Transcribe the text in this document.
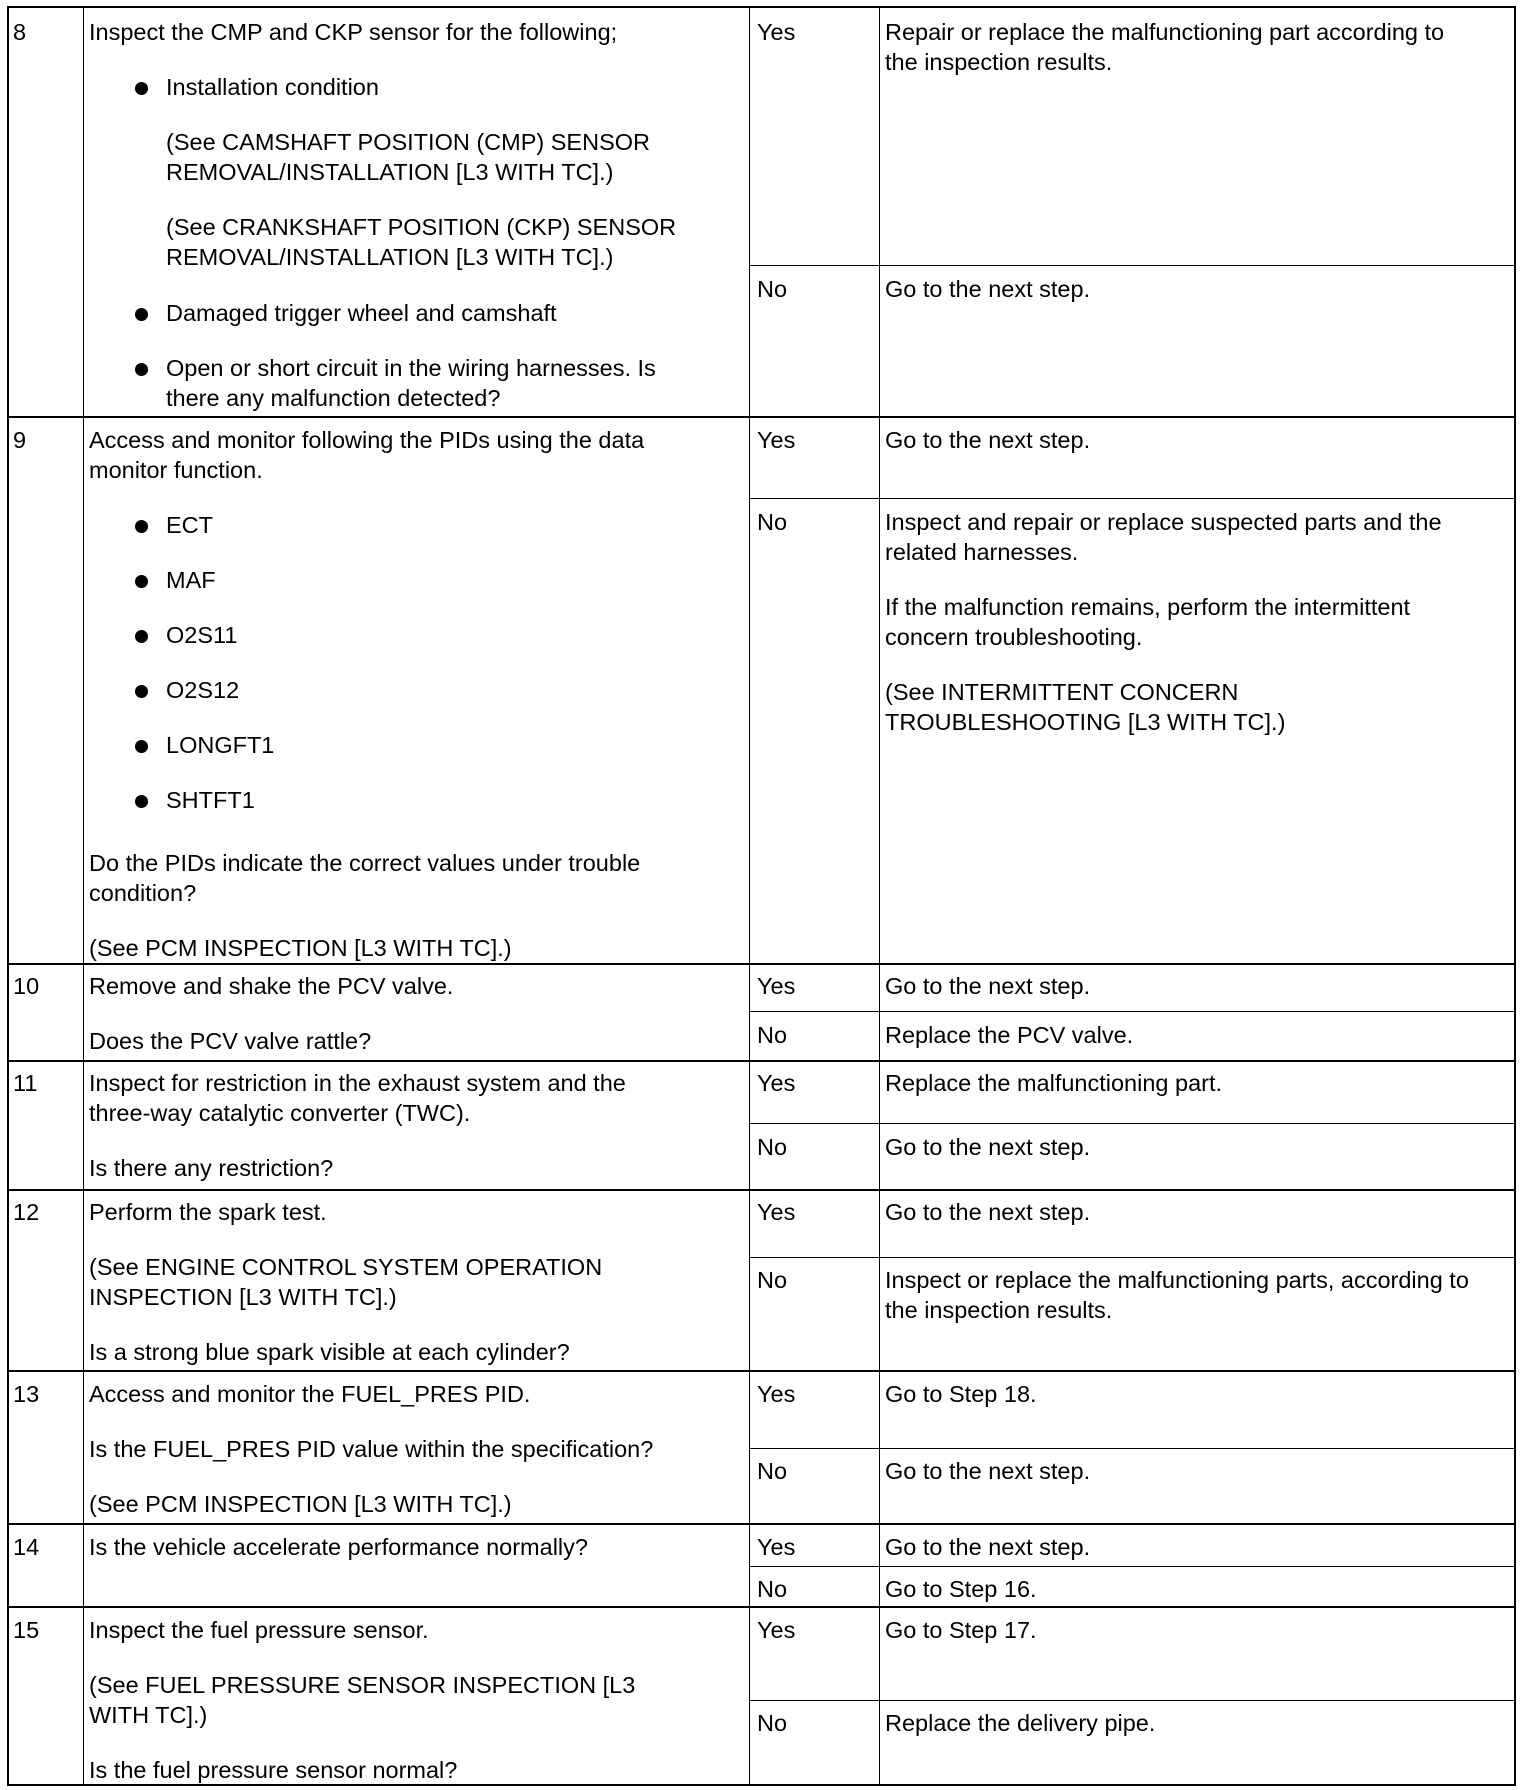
8	Inspect the CMP and CKP sensor for the following;
Installation condition
(See CAMSHAFT POSITION (CMP) SENSOR
REMOVAL/INSTALLATION [L3 WITH TC].)
(See CRANKSHAFT POSITION (CKP) SENSOR
REMOVAL/INSTALLATION [L3 WITH TC].)
Damaged trigger wheel and camshaft
Open or short circuit in the wiring harnesses. Is
there any malfunction detected?
Yes	Repair or replace the malfunctioning part according to
the inspection results.
No	Go to the next step.
9	Access and monitor following the PIDs using the data
monitor function.
ECT
MAF
O2S11
O2S12
LONGFT1
SHTFT1
Do the PIDs indicate the correct values under trouble
condition?
(See PCM INSPECTION [L3 WITH TC].)
Yes	Go to the next step.
No	Inspect and repair or replace suspected parts and the
related harnesses.
If the malfunction remains, perform the intermittent
concern troubleshooting.
(See INTERMITTENT CONCERN
TROUBLESHOOTING [L3 WITH TC].)
10 Remove and shake the PCV valve.
Does the PCV valve rattle?
Yes	Go to the next step.
No	Replace the PCV valve.
11 Inspect for restriction in the exhaust system and the
three-way catalytic converter (TWC).
Is there any restriction?
Yes	Replace the malfunctioning part.
No	Go to the next step.
12 Perform the spark test.
(See ENGINE CONTROL SYSTEM OPERATION
INSPECTION [L3 WITH TC].)
Is a strong blue spark visible at each cylinder?
Yes	Go to the next step.
No	Inspect or replace the malfunctioning parts, according to
the inspection results.
13 Access and monitor the FUEL_PRES PID.
Is the FUEL_PRES PID value within the specification?
(See PCM INSPECTION [L3 WITH TC].)
Yes	Go to Step 18.
No	Go to the next step.
14 Is the vehicle accelerate performance normally?	Yes	Go to the next step.
No	Go to Step 16.
15 Inspect the fuel pressure sensor.
(See FUEL PRESSURE SENSOR INSPECTION [L3
WITH TC].)
Is the fuel pressure sensor normal?
Yes	Go to Step 17.
No	Replace the delivery pipe.
